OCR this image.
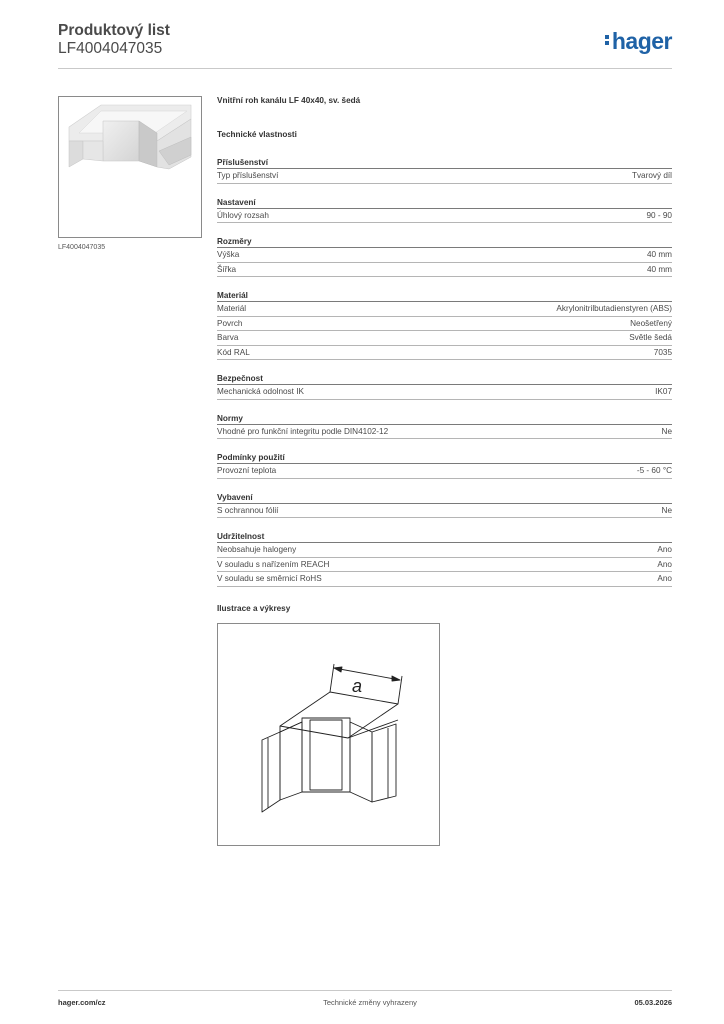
Produktový list
LF4004047035	hager
LF4004047035
Vnitřní roh kanálu LF 40x40, sv. šedá
Technické vlastnosti
Příslušenství
Typ příslušenství	Tvarový díl
Nastavení
Úhlový rozsah	90 - 90
Rozměry
Výška	40 mm
Šířka	40 mm
Materiál
Materiál	Akrylonitrilbutadienstyren (ABS)
Povrch	Neošetřený
Barva	Světle šedá
Kód RAL	7035
Bezpečnost
Mechanická odolnost IK	IK07
Normy
Vhodné pro funkční integritu podle DIN4102-12	Ne
Podmínky použití
Provozní teplota	-5 - 60 °C
Vybavení
S ochrannou fólií	Ne
Udržitelnost
Neobsahuje halogeny	Ano
V souladu s nařízením REACH	Ano
V souladu se směrnicí RoHS	Ano
Ilustrace a výkresy
a
hager.com/cz	Technické změny vyhrazeny	05.03.2026
